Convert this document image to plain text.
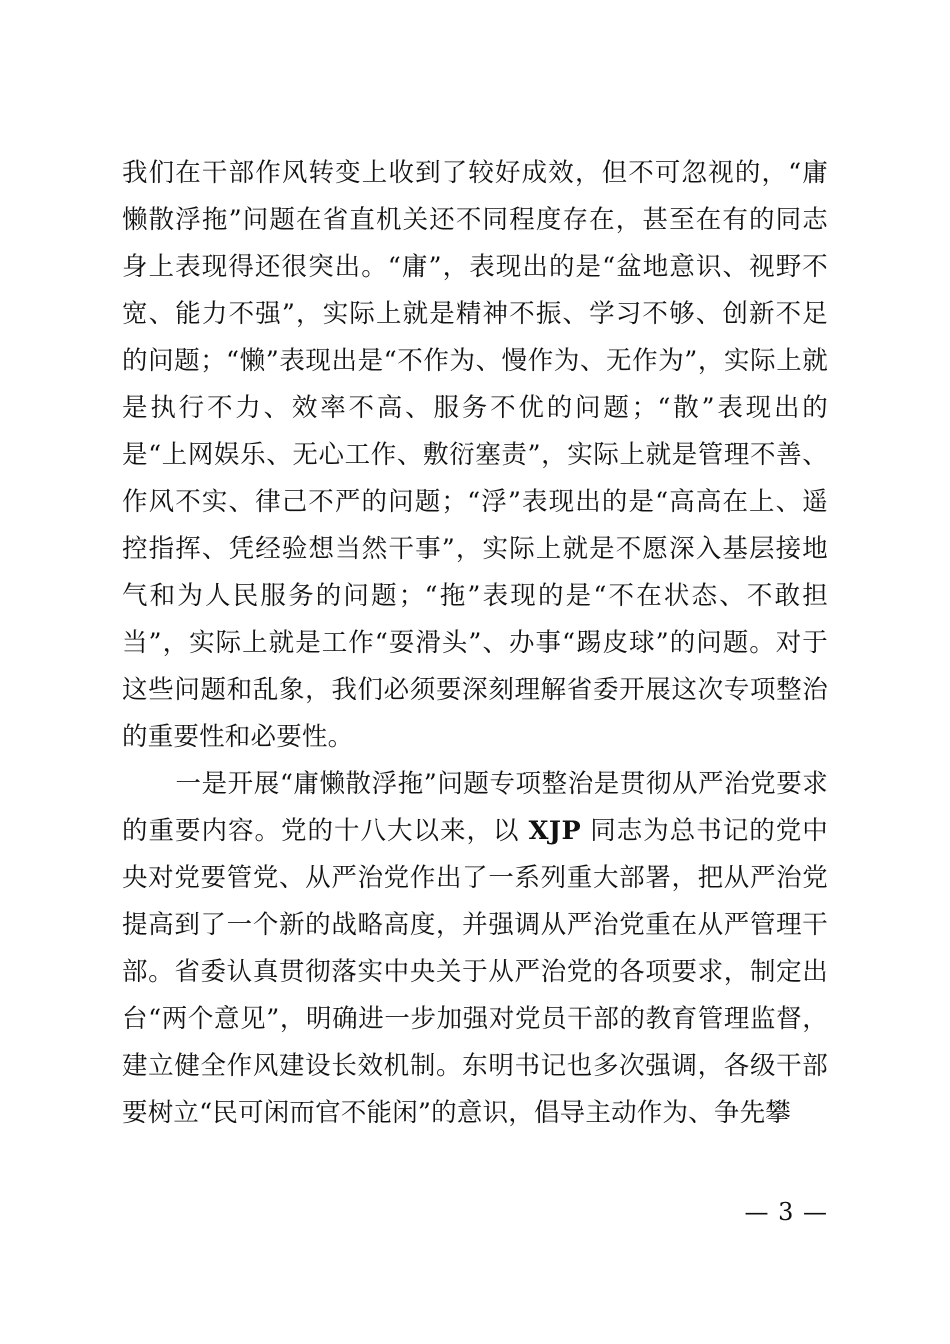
我们在干部作风转变上收到了较好成效，但不可忽视的，“庸懒散浮拖”问题在省直机关还不同程度存在，甚至在有的同志身上表现得还很突出。“庸”，表现出的是“盆地意识、视野不宽、能力不强”，实际上就是精神不振、学习不够、创新不足的问题；“懒”表现出是“不作为、慢作为、无作为”，实际上就是执行不力、效率不高、服务不优的问题；“散”表现出的是“上网娱乐、无心工作、敷衍塞责”，实际上就是管理不善、作风不实、律己不严的问题；“浮”表现出的是“高高在上、遥控指挥、凭经验想当然干事”，实际上就是不愿深入基层接地气和为人民服务的问题；“拖”表现的是“不在状态、不敢担当”，实际上就是工作“耍滑头”、办事“踢皮球”的问题。对于这些问题和乱象，我们必须要深刻理解省委开展这次专项整治的重要性和必要性。

一是开展“庸懒散浮拖”问题专项整治是贯彻从严治党要求的重要内容。党的十八大以来，以 XJP 同志为总书记的党中央对党要管党、从严治党作出了一系列重大部署，把从严治党提高到了一个新的战略高度，并强调从严治党重在从严管理干部。省委认真贯彻落实中央关于从严治党的各项要求，制定出台“两个意见”，明确进一步加强对党员干部的教育管理监督，建立健全作风建设长效机制。东明书记也多次强调，各级干部要树立“民可闲而官不能闲”的意识，倡导主动作为、争先攀

— 3 —
